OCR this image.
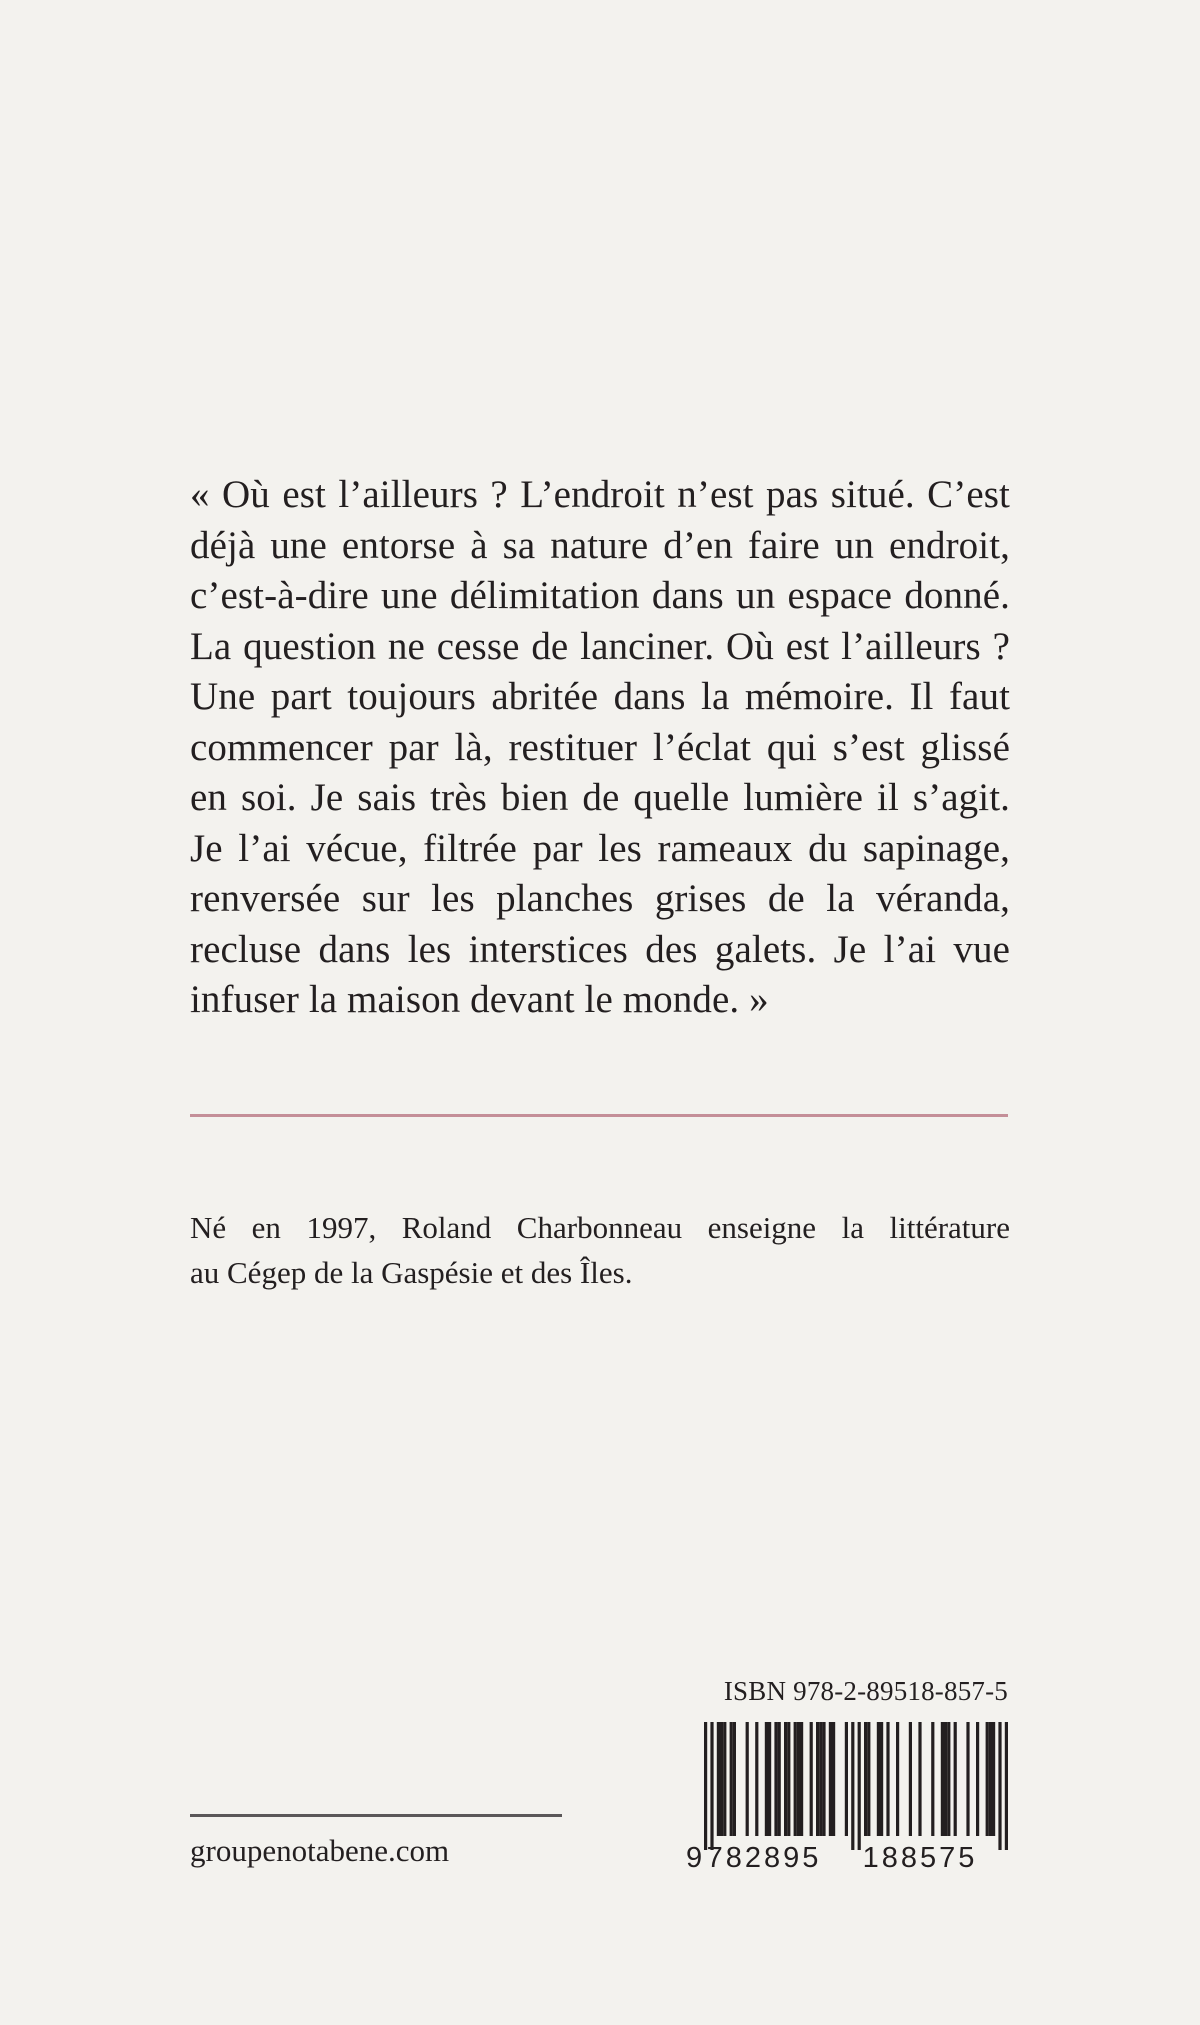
« Où est l’ailleurs ? L’endroit n’est pas situé. C’est
déjà une entorse à sa nature d’en faire un endroit,
c’est-à-dire une délimitation dans un espace donné.
La question ne cesse de lanciner. Où est l’ailleurs ?
Une part toujours abritée dans la mémoire. Il faut
commencer par là, restituer l’éclat qui s’est glissé
en soi. Je sais très bien de quelle lumière il s’agit.
Je l’ai vécue, filtrée par les rameaux du sapinage,
renversée sur les planches grises de la véranda,
recluse dans les interstices des galets. Je l’ai vue
infuser la maison devant le monde. »
Né en 1997, Roland Charbonneau enseigne la littérature
au Cégep de la Gaspésie et des Îles.
ISBN 978-2-89518-857-5
9 782895 188575
groupenotabene.com
